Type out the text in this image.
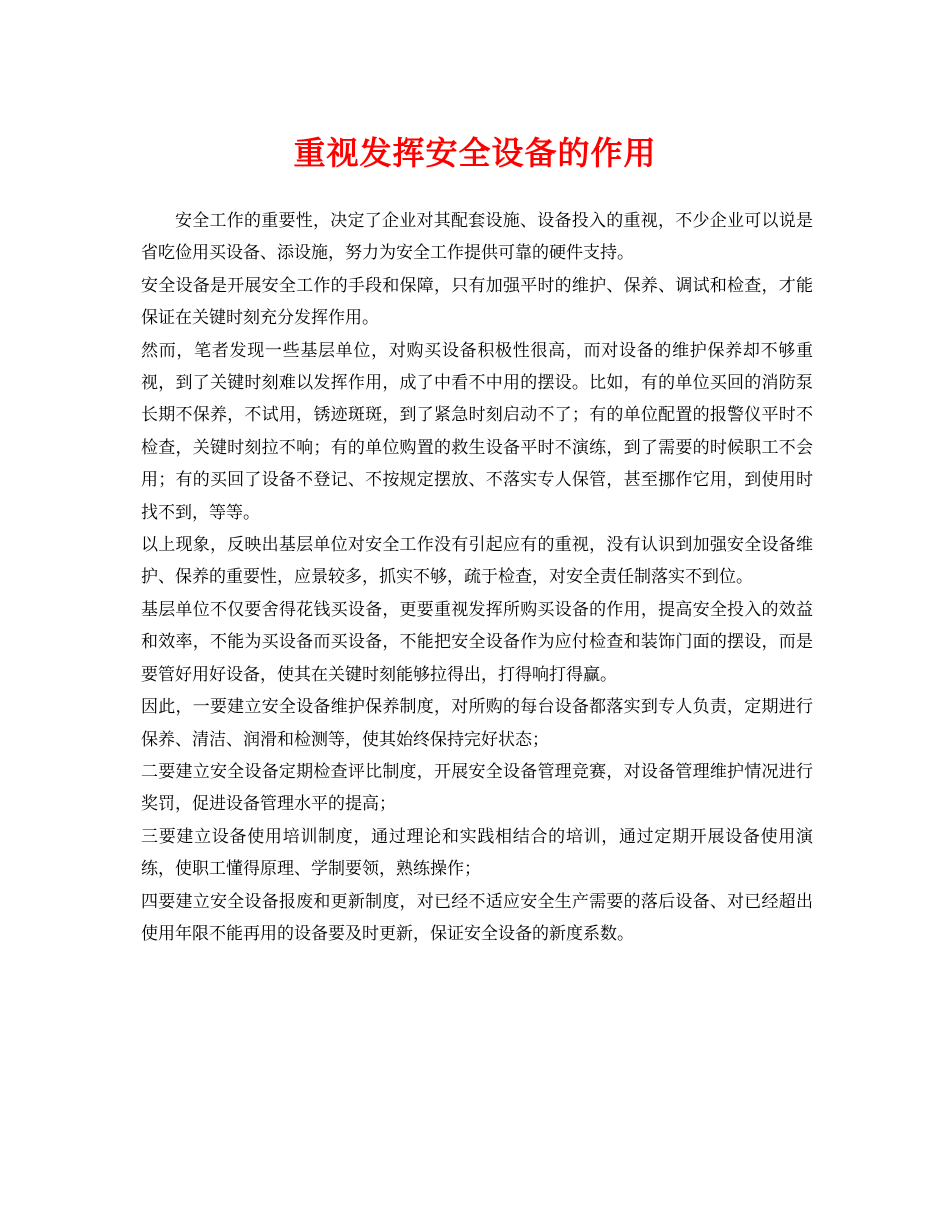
重视发挥安全设备的作用

安全工作的重要性，决定了企业对其配套设施、设备投入的重视，不少企业可以说是省吃俭用买设备、添设施，努力为安全工作提供可靠的硬件支持。

安全设备是开展安全工作的手段和保障，只有加强平时的维护、保养、调试和检查，才能保证在关键时刻充分发挥作用。

然而，笔者发现一些基层单位，对购买设备积极性很高，而对设备的维护保养却不够重视，到了关键时刻难以发挥作用，成了中看不中用的摆设。比如，有的单位买回的消防泵长期不保养，不试用，锈迹斑斑，到了紧急时刻启动不了；有的单位配置的报警仪平时不检查，关键时刻拉不响；有的单位购置的救生设备平时不演练，到了需要的时候职工不会用；有的买回了设备不登记、不按规定摆放、不落实专人保管，甚至挪作它用，到使用时找不到，等等。

以上现象，反映出基层单位对安全工作没有引起应有的重视，没有认识到加强安全设备维护、保养的重要性，应景较多，抓实不够，疏于检查，对安全责任制落实不到位。

基层单位不仅要舍得花钱买设备，更要重视发挥所购买设备的作用，提高安全投入的效益和效率，不能为买设备而买设备，不能把安全设备作为应付检查和装饰门面的摆设，而是要管好用好设备，使其在关键时刻能够拉得出，打得响打得赢。

因此，一要建立安全设备维护保养制度，对所购的每台设备都落实到专人负责，定期进行保养、清洁、润滑和检测等，使其始终保持完好状态；

二要建立安全设备定期检查评比制度，开展安全设备管理竞赛，对设备管理维护情况进行奖罚，促进设备管理水平的提高；

三要建立设备使用培训制度，通过理论和实践相结合的培训，通过定期开展设备使用演练，使职工懂得原理、学制要领，熟练操作；

四要建立安全设备报废和更新制度，对已经不适应安全生产需要的落后设备、对已经超出使用年限不能再用的设备要及时更新，保证安全设备的新度系数。
